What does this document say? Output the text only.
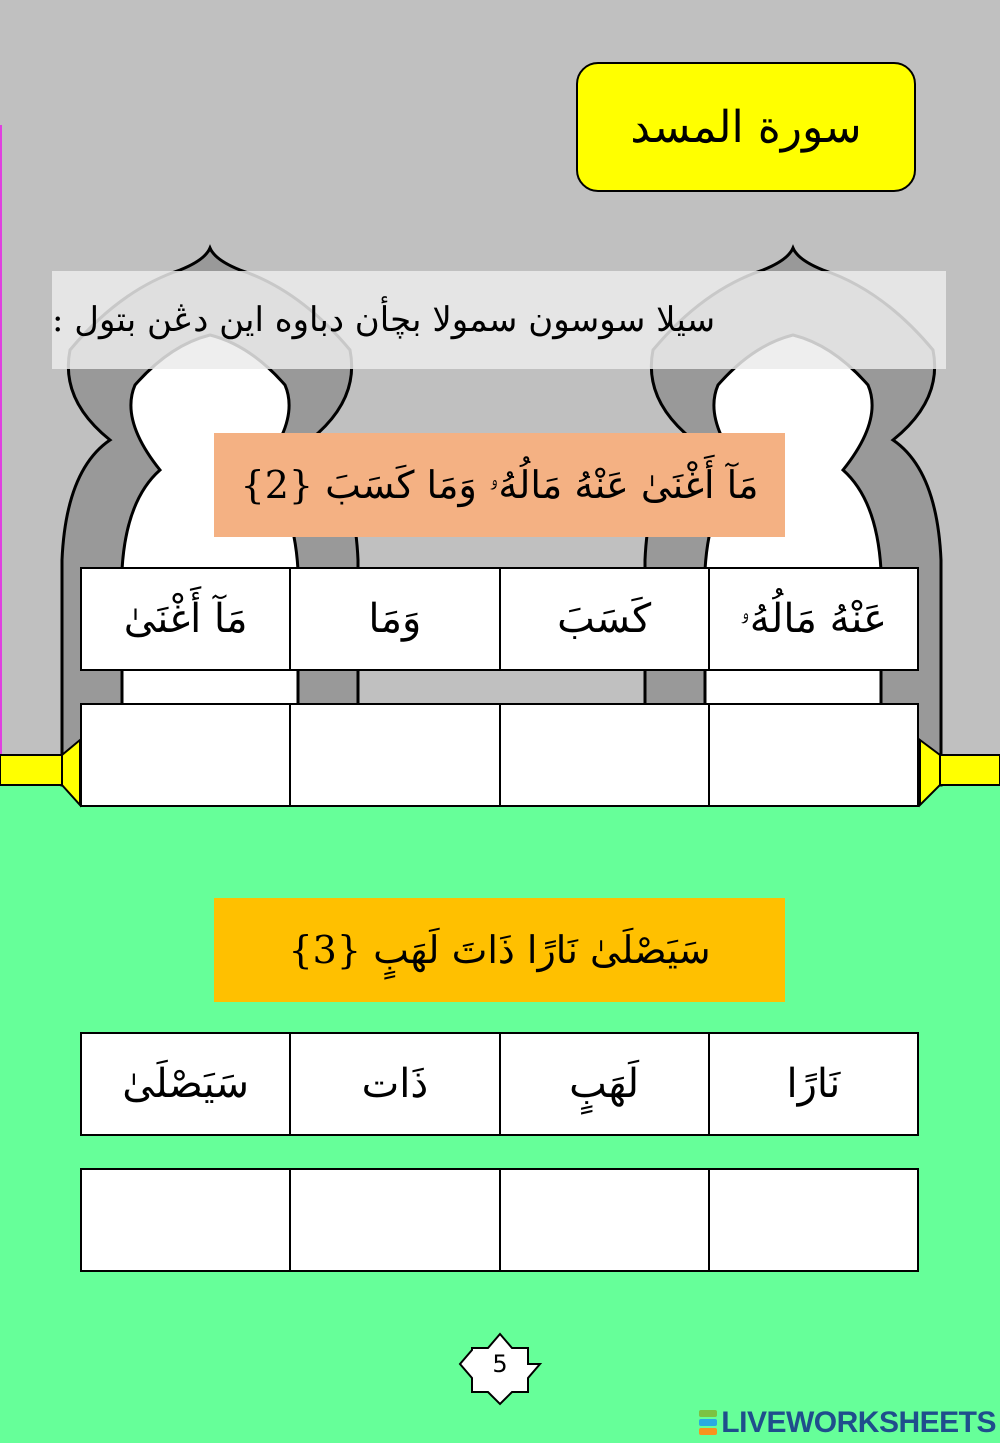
سورة المسد
سيلا سوسون سمولا بچأن دباوه اين دڠن بتول :
مَآ أَغْنَىٰ عَنْهُ مَالُهُۥ وَمَا كَسَبَ {2}
عَنْهُ مَالُهُۥ
كَسَبَ
وَمَا
مَآ أَغْنَىٰ
سَيَصْلَىٰ نَارًا ذَاتَ لَهَبٍ {3}
نَارًا
لَهَبٍ
ذَات
سَيَصْلَىٰ
5
LIVEWORKSHEETS
